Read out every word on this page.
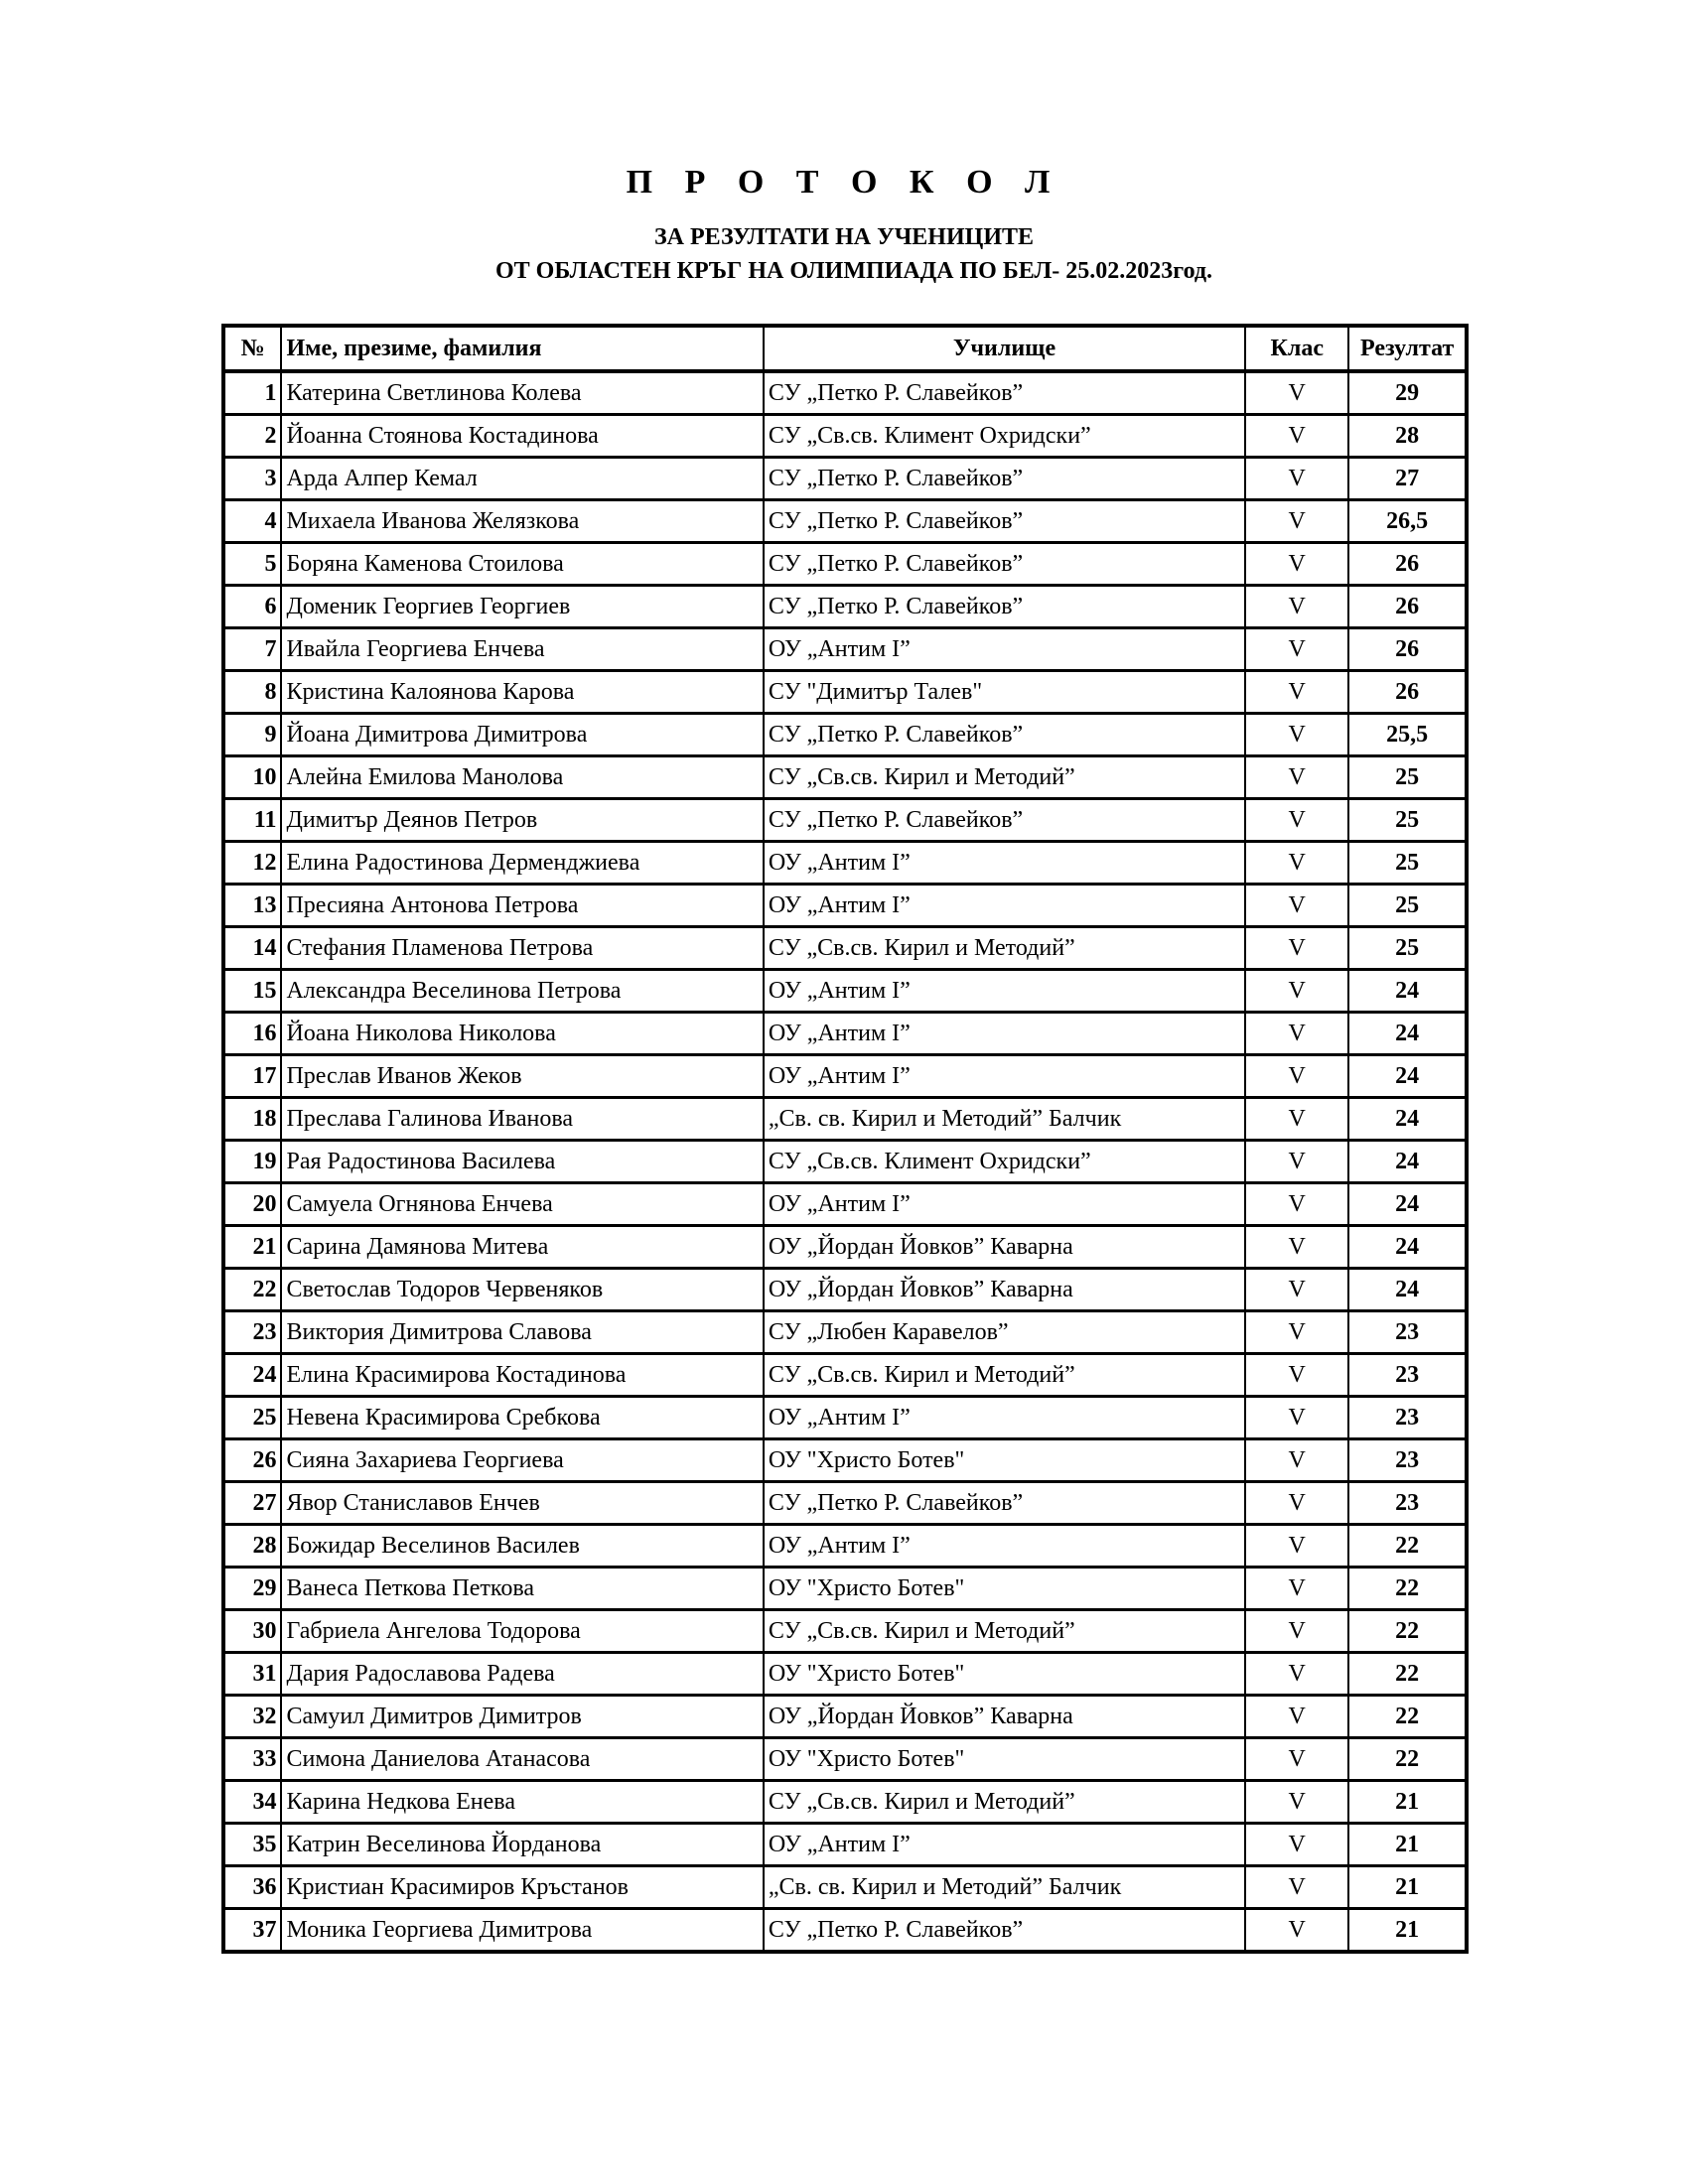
П Р О Т О К О Л
ЗА РЕЗУЛТАТИ НА УЧЕНИЦИТЕ
ОТ ОБЛАСТЕН КРЪГ НА ОЛИМПИАДА ПО БЕЛ- 25.02.2023год.
№	Име, презиме, фамилия	Училище	Клас	Резултат
1	Катерина Светлинова Колева	СУ „Петко Р. Славейков”	V	29
2	Йоанна Стоянова Костадинова	СУ „Св.св. Климент Охридски”	V	28
3	Арда Алпер Кемал	СУ „Петко Р. Славейков”	V	27
4	Михаела Иванова Желязкова	СУ „Петко Р. Славейков”	V	26,5
5	Боряна Каменова Стоилова	СУ „Петко Р. Славейков”	V	26
6	Доменик Георгиев Георгиев	СУ „Петко Р. Славейков”	V	26
7	Ивайла Георгиева Енчева	ОУ „Антим I”	V	26
8	Кристина Калоянова Карова	СУ "Димитър Талев"	V	26
9	Йоана Димитрова Димитрова	СУ „Петко Р. Славейков”	V	25,5
10	Алейна Емилова Манолова	СУ „Св.св. Кирил и Методий”	V	25
11	Димитър Деянов Петров	СУ „Петко Р. Славейков”	V	25
12	Елина Радостинова Дерменджиева	ОУ „Антим I”	V	25
13	Пресияна Антонова Петрова	ОУ „Антим I”	V	25
14	Стефания Пламенова Петрова	СУ „Св.св. Кирил и Методий”	V	25
15	Александра Веселинова Петрова	ОУ „Антим I”	V	24
16	Йоана Николова Николова	ОУ „Антим I”	V	24
17	Преслав Иванов Жеков	ОУ „Антим I”	V	24
18	Преслава Галинова Иванова	„Св. св. Кирил и Методий” Балчик	V	24
19	Рая Радостинова Василева	СУ „Св.св. Климент Охридски”	V	24
20	Самуела Огнянова Енчева	ОУ „Антим I”	V	24
21	Сарина Дамянова Митева	ОУ „Йордан Йовков” Каварна	V	24
22	Светослав Тодоров Червеняков	ОУ „Йордан Йовков” Каварна	V	24
23	Виктория Димитрова Славова	СУ „Любен Каравелов”	V	23
24	Елина Красимирова Костадинова	СУ „Св.св. Кирил и Методий”	V	23
25	Невена Красимирова Сребкова	ОУ „Антим I”	V	23
26	Сияна Захариева Георгиева	ОУ "Христо Ботев"	V	23
27	Явор Станиславов Енчев	СУ „Петко Р. Славейков”	V	23
28	Божидар Веселинов Василев	ОУ „Антим I”	V	22
29	Ванеса Петкова Петкова	ОУ "Христо Ботев"	V	22
30	Габриела Ангелова Тодорова	СУ „Св.св. Кирил и Методий”	V	22
31	Дария Радославова Радева	ОУ "Христо Ботев"	V	22
32	Самуил Димитров Димитров	ОУ „Йордан Йовков” Каварна	V	22
33	Симона Даниелова Атанасова	ОУ "Христо Ботев"	V	22
34	Карина Недкова Енева	СУ „Св.св. Кирил и Методий”	V	21
35	Катрин Веселинова Йорданова	ОУ „Антим I”	V	21
36	Кристиан Красимиров Кръстанов	„Св. св. Кирил и Методий” Балчик	V	21
37	Моника Георгиева Димитрова	СУ „Петко Р. Славейков”	V	21
